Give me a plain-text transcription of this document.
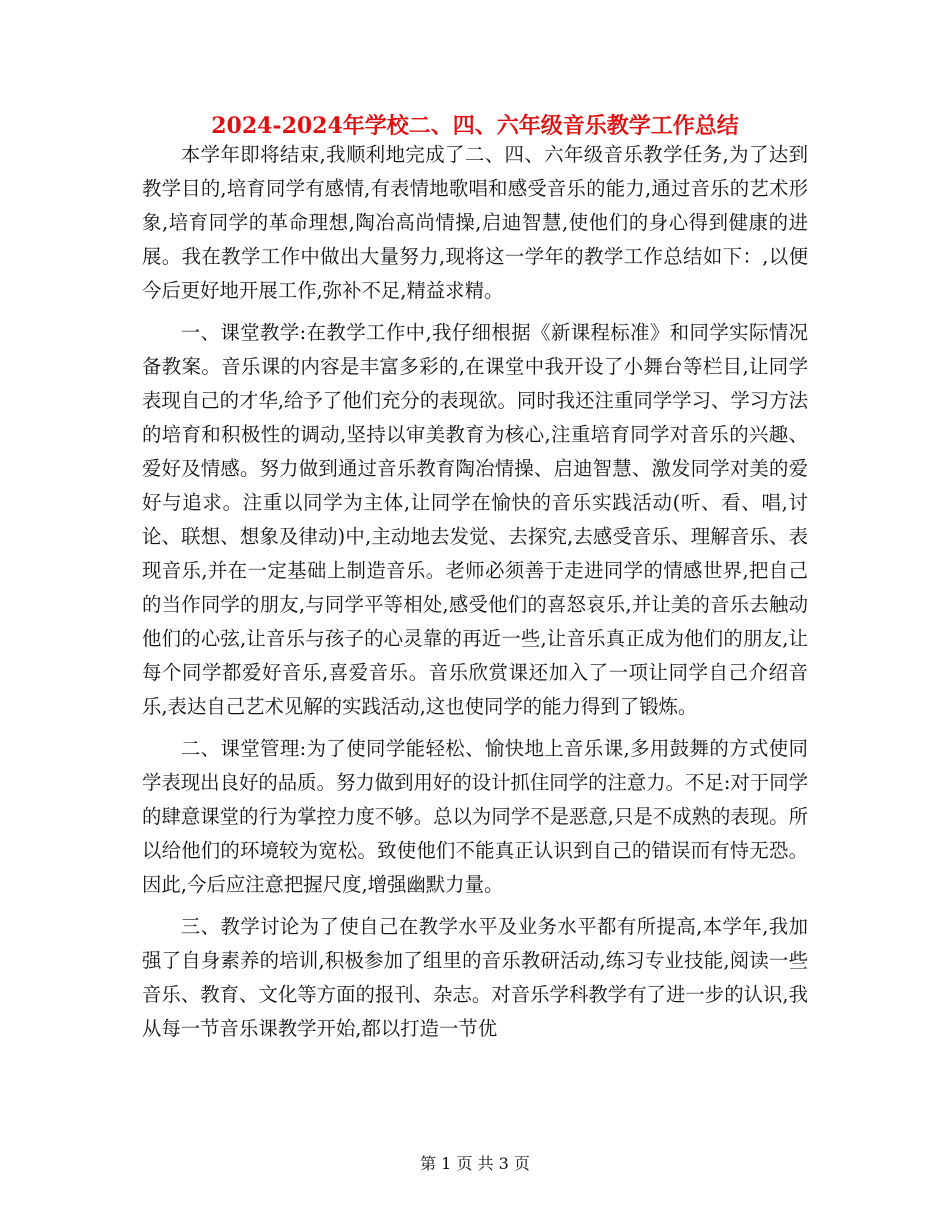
2024-2024年学校二、四、六年级音乐教学工作总结

本学年即将结束,我顺利地完成了二、四、六年级音乐教学任务,为了达到教学目的,培育同学有感情,有表情地歌唱和感受音乐的能力,通过音乐的艺术形象,培育同学的革命理想,陶冶高尚情操,启迪智慧,使他们的身心得到健康的进展。我在教学工作中做出大量努力,现将这一学年的教学工作总结如下：,以便今后更好地开展工作,弥补不足,精益求精。

一、课堂教学:在教学工作中,我仔细根据《新课程标准》和同学实际情况备教案。音乐课的内容是丰富多彩的,在课堂中我开设了小舞台等栏目,让同学表现自己的才华,给予了他们充分的表现欲。同时我还注重同学学习、学习方法的培育和积极性的调动,坚持以审美教育为核心,注重培育同学对音乐的兴趣、爱好及情感。努力做到通过音乐教育陶冶情操、启迪智慧、激发同学对美的爱好与追求。注重以同学为主体,让同学在愉快的音乐实践活动(听、看、唱,讨论、联想、想象及律动)中,主动地去发觉、去探究,去感受音乐、理解音乐、表现音乐,并在一定基础上制造音乐。老师必须善于走进同学的情感世界,把自己的当作同学的朋友,与同学平等相处,感受他们的喜怒哀乐,并让美的音乐去触动他们的心弦,让音乐与孩子的心灵靠的再近一些,让音乐真正成为他们的朋友,让每个同学都爱好音乐,喜爱音乐。音乐欣赏课还加入了一项让同学自己介绍音乐,表达自己艺术见解的实践活动,这也使同学的能力得到了锻炼。

二、课堂管理:为了使同学能轻松、愉快地上音乐课,多用鼓舞的方式使同学表现出良好的品质。努力做到用好的设计抓住同学的注意力。不足:对于同学的肆意课堂的行为掌控力度不够。总以为同学不是恶意,只是不成熟的表现。所以给他们的环境较为宽松。致使他们不能真正认识到自己的错误而有恃无恐。因此,今后应注意把握尺度,增强幽默力量。

三、教学讨论为了使自己在教学水平及业务水平都有所提高,本学年,我加强了自身素养的培训,积极参加了组里的音乐教研活动,练习专业技能,阅读一些音乐、教育、文化等方面的报刊、杂志。对音乐学科教学有了进一步的认识,我从每一节音乐课教学开始,都以打造一节优

第 1 页 共 3 页
